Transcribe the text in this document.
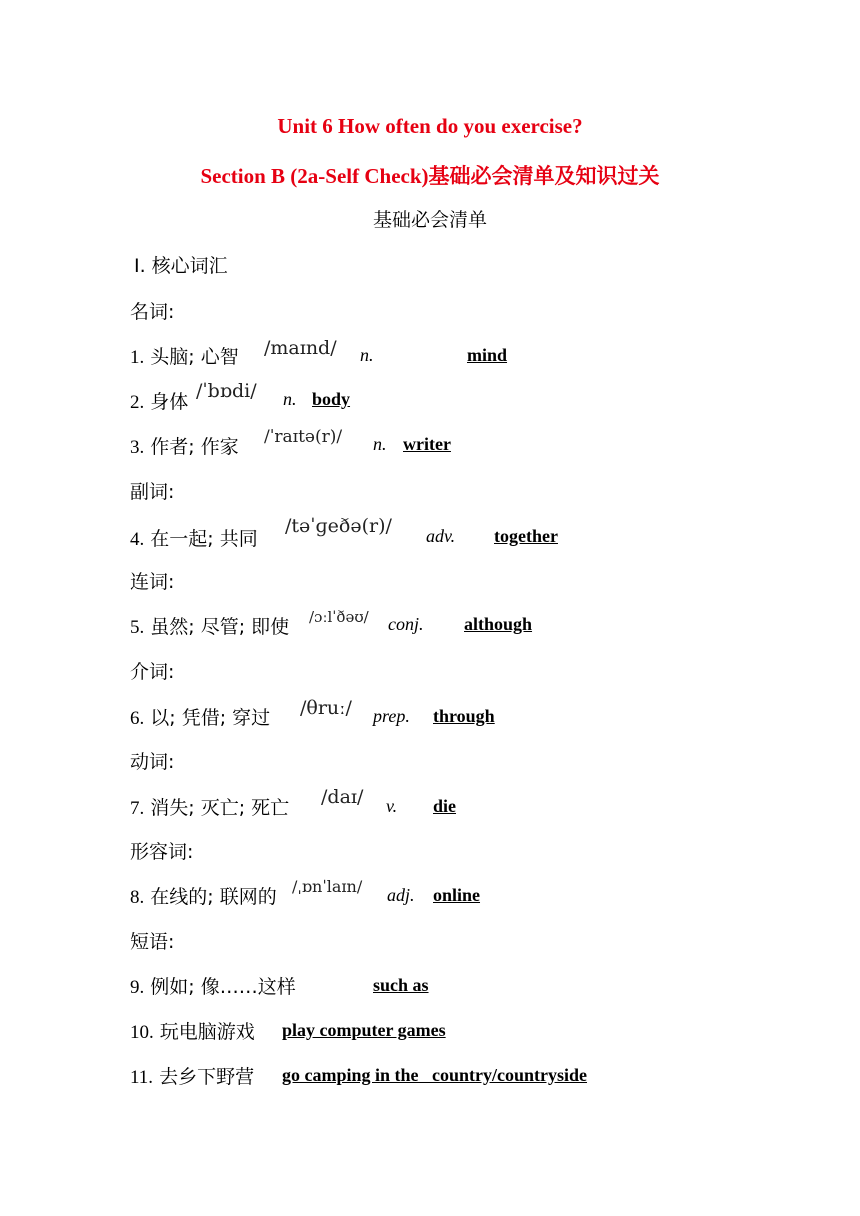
Unit 6 How often do you exercise?
Section B (2a-Self Check)基础必会清单及知识过关
基础必会清单
Ⅰ. 核心词汇
名词:
1. 头脑; 心智 /maɪnd/ n.	mind
2. 身体 /ˈbɒdi/ n. body
3. 作者; 作家 /ˈraɪtə(r)/ n. writer
副词:
4. 在一起; 共同
/təˈɡeðə(r)/ adv. together
连词:
5. 虽然; 尽管; 即使 /ɔːlˈðəʊ/ conj. although
介词:
6. 以; 凭借; 穿过 /θruː/ prep. through
动词:
7. 消失; 灭亡; 死亡 /daɪ/ v. die
形容词:
8. 在线的; 联网的 /ˌɒnˈlaɪn/ adj. online
短语:
9. 例如; 像……这样	such as
10. 玩电脑游戏 play computer games
11. 去乡下野营 go camping in the   country/countryside
